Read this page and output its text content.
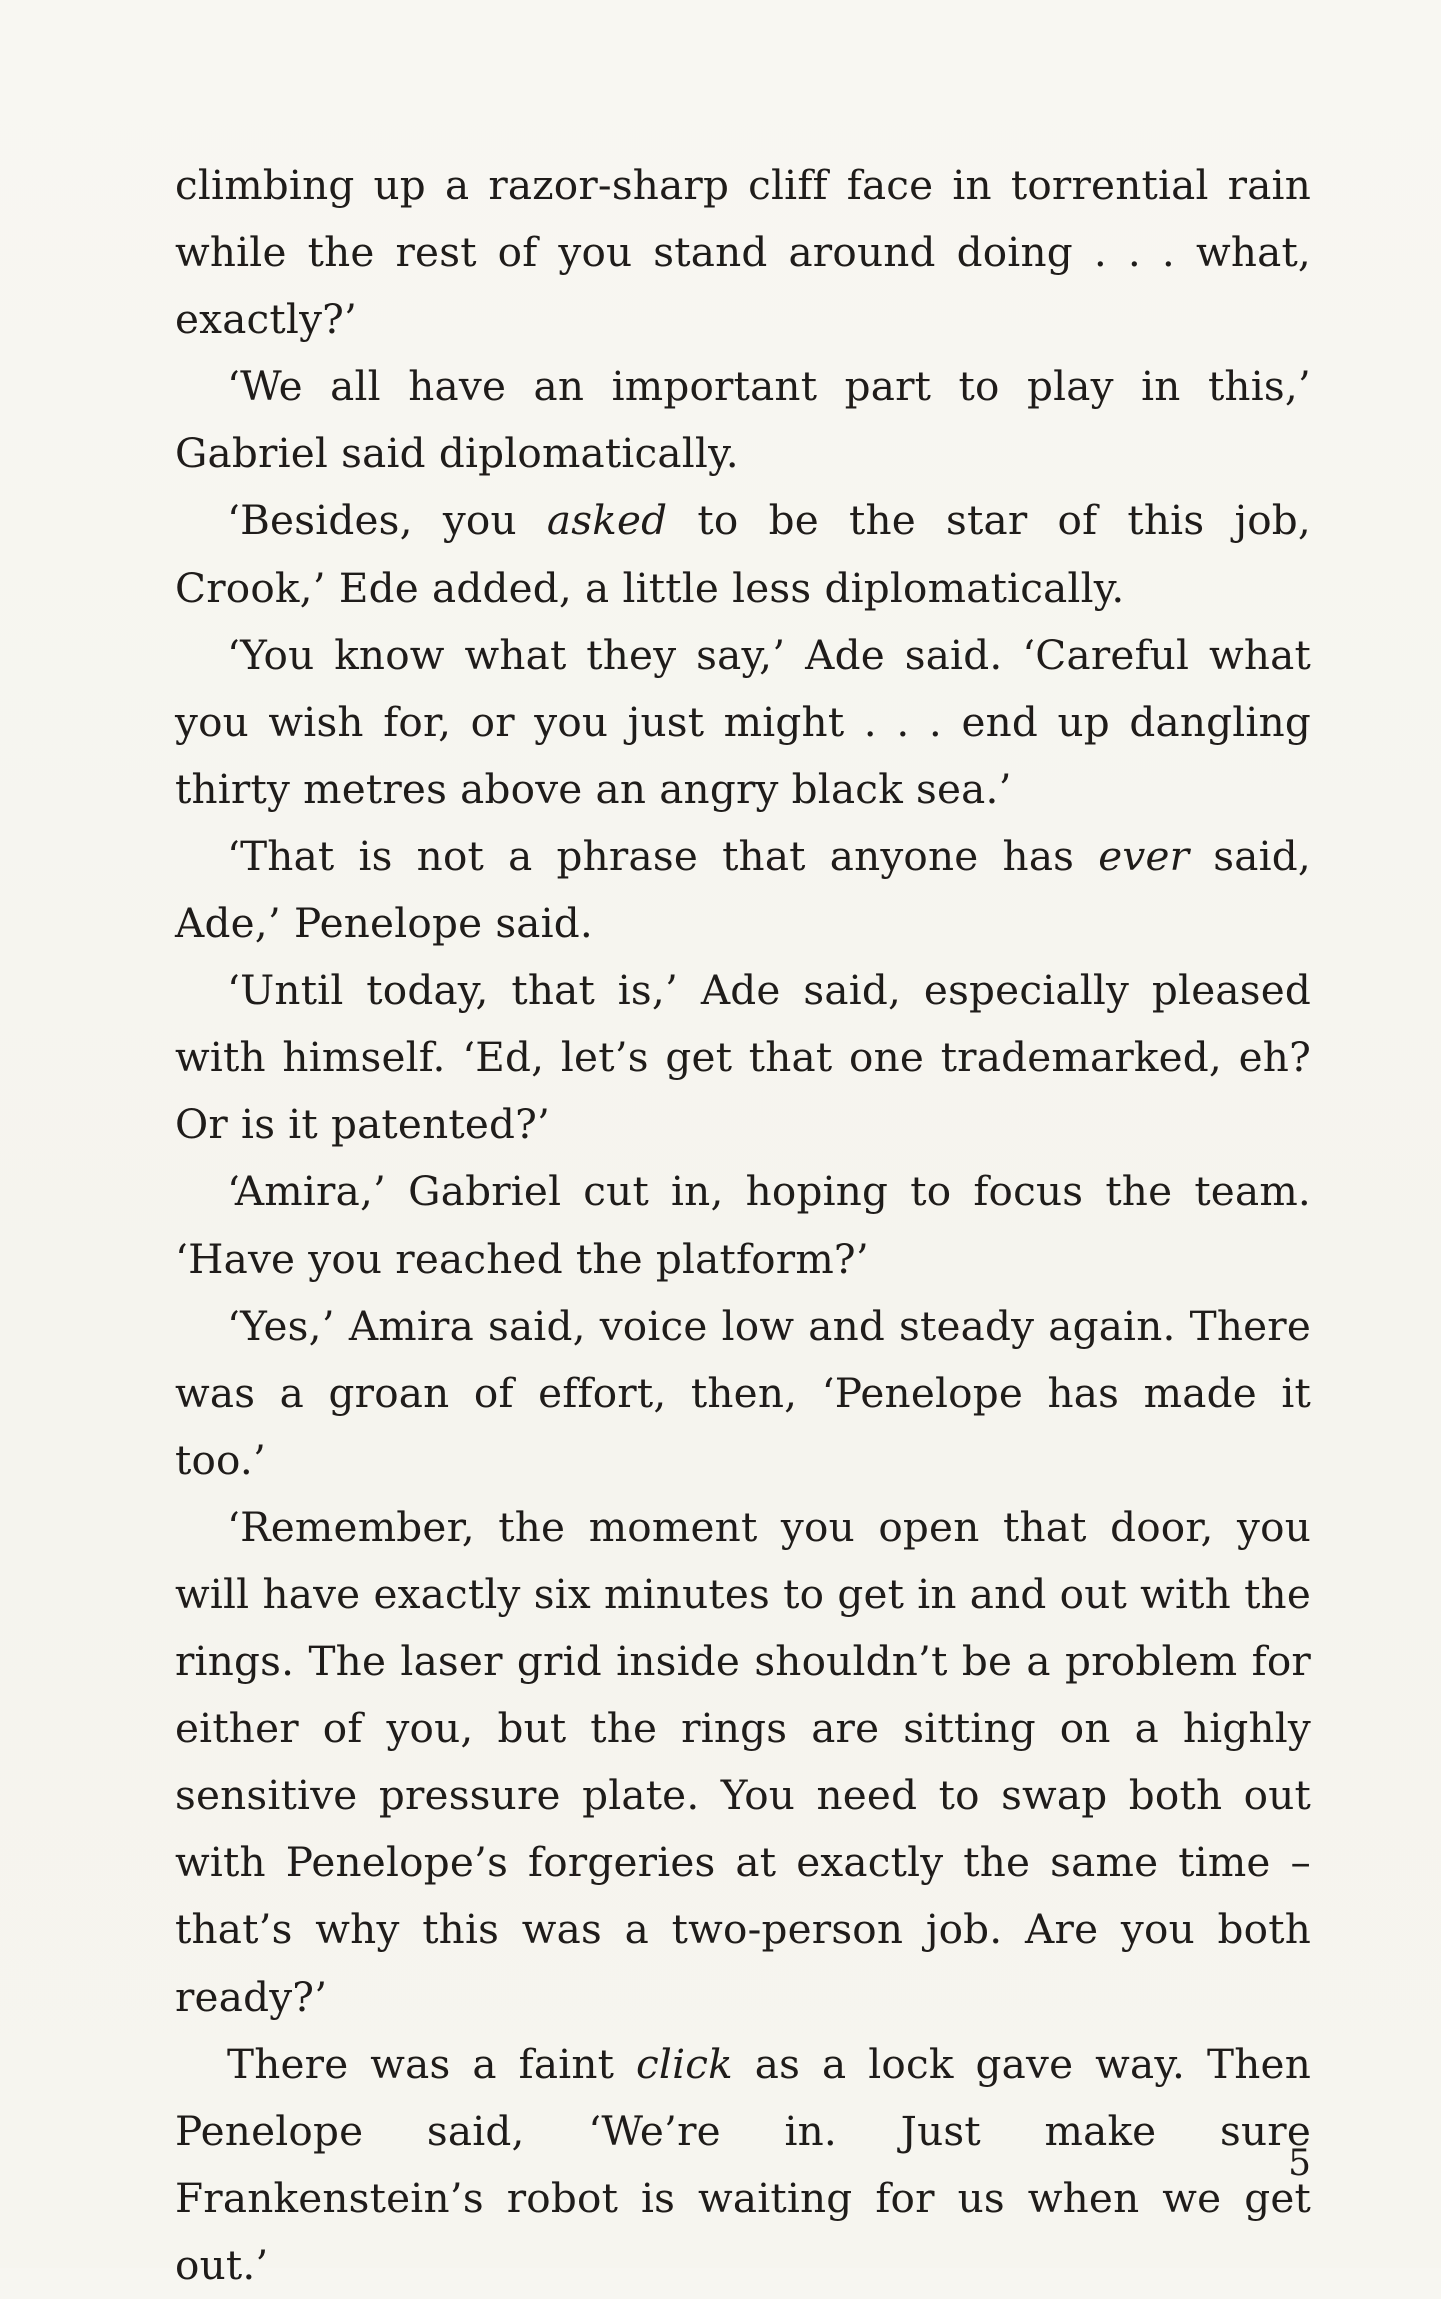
climbing up a razor-sharp cliff face in torrential rain while the rest of you stand around doing . . . what, exactly?’

‘We all have an important part to play in this,’ Gabriel said diplomatically.

‘Besides, you asked to be the star of this job, Crook,’ Ede added, a little less diplomatically.

‘You know what they say,’ Ade said. ‘Careful what you wish for, or you just might . . . end up dangling thirty metres above an angry black sea.’

‘That is not a phrase that anyone has ever said, Ade,’ Penelope said.

‘Until today, that is,’ Ade said, especially pleased with himself. ‘Ed, let’s get that one trademarked, eh? Or is it patented?’

‘Amira,’ Gabriel cut in, hoping to focus the team. ‘Have you reached the platform?’

‘Yes,’ Amira said, voice low and steady again. There was a groan of effort, then, ‘Penelope has made it too.’

‘Remember, the moment you open that door, you will have exactly six minutes to get in and out with the rings. The laser grid inside shouldn’t be a problem for either of you, but the rings are sitting on a highly sensitive pressure plate. You need to swap both out with Penelope’s forgeries at exactly the same time – that’s why this was a two-person job. Are you both ready?’

There was a faint click as a lock gave way. Then Penelope said, ‘We’re in. Just make sure Frankenstein’s robot is waiting for us when we get out.’

5
